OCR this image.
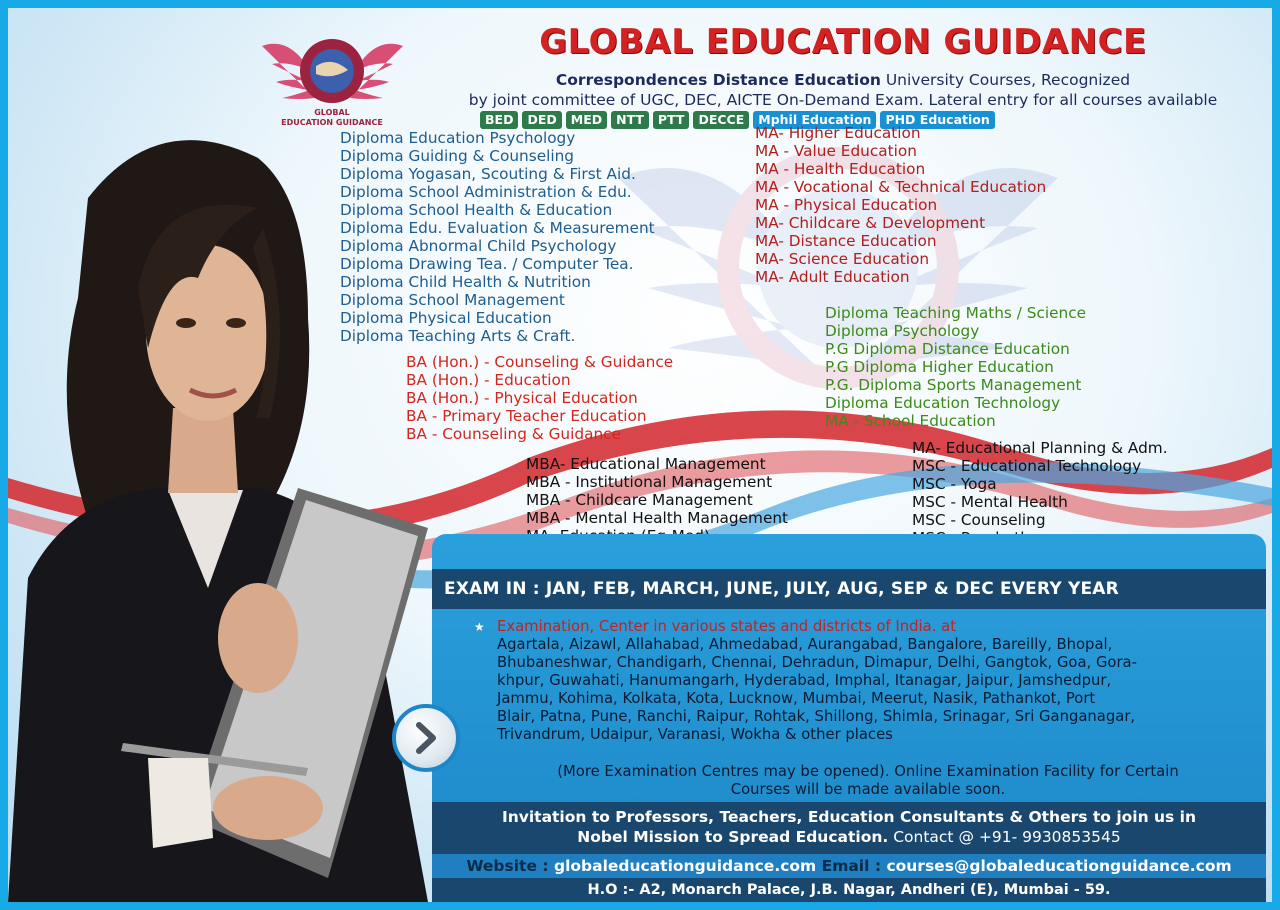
GLOBAL
EDUCATION GUIDANCE
GLOBAL EDUCATION GUIDANCE
Correspondences Distance Education University Courses, Recognized
by joint committee of UGC, DEC, AICTE On-Demand Exam. Lateral entry for all courses available
BED	DED	MED	NTT	PTT	DECCE	Mphil Education	PHD Education
Diploma Education Psychology
Diploma Guiding & Counseling
Diploma Yogasan, Scouting & First Aid.
Diploma School Administration & Edu.
Diploma School Health & Education
Diploma Edu. Evaluation & Measurement
Diploma Abnormal Child Psychology
Diploma Drawing Tea. / Computer Tea.
Diploma Child Health & Nutrition
Diploma School Management
Diploma Physical Education
Diploma Teaching Arts & Craft.
MA- Higher Education
MA - Value Education
MA - Health Education
MA - Vocational & Technical Education
MA - Physical Education
MA- Childcare & Development
MA- Distance Education
MA- Science Education
MA- Adult Education
Diploma Teaching Maths / Science
Diploma Psychology
P.G Diploma Distance Education
P.G Diploma Higher Education
P.G. Diploma Sports Management
Diploma Education Technology
MA - School Education
BA (Hon.) - Counseling & Guidance
BA (Hon.) - Education
BA (Hon.) - Physical Education
BA - Primary Teacher Education
BA - Counseling & Guidance
MBA- Educational Management
MBA - Institutional Management
MBA - Childcare Management
MBA - Mental Health Management
MA- Educational Planning & Adm.
MSC - Educational Technology
MSC - Yoga
MSC - Mental Health
MSC - Counseling
EXAM IN : JAN, FEB, MARCH, JUNE, JULY, AUG, SEP & DEC EVERY YEAR
★ Examination, Center in various states and districts of India. at
Agartala, Aizawl, Allahabad, Ahmedabad, Aurangabad, Bangalore, Bareilly, Bhopal,
Bhubaneshwar, Chandigarh, Chennai, Dehradun, Dimapur, Delhi, Gangtok, Goa, Gora-
khpur, Guwahati, Hanumangarh, Hyderabad, Imphal, Itanagar, Jaipur, Jamshedpur,
Jammu, Kohima, Kolkata, Kota, Lucknow, Mumbai, Meerut, Nasik, Pathankot, Port
Blair, Patna, Pune, Ranchi, Raipur, Rohtak, Shillong, Shimla, Srinagar, Sri Ganganagar,
Trivandrum, Udaipur, Varanasi, Wokha & other places
(More Examination Centres may be opened). Online Examination Facility for Certain
Courses will be made available soon.
Invitation to Professors, Teachers, Education Consultants & Others to join us in
Nobel Mission to Spread Education. Contact @ +91- 9930853545
Website : globaleducationguidance.com Email : courses@globaleducationguidance.com
H.O :- A2, Monarch Palace, J.B. Nagar, Andheri (E), Mumbai - 59.
